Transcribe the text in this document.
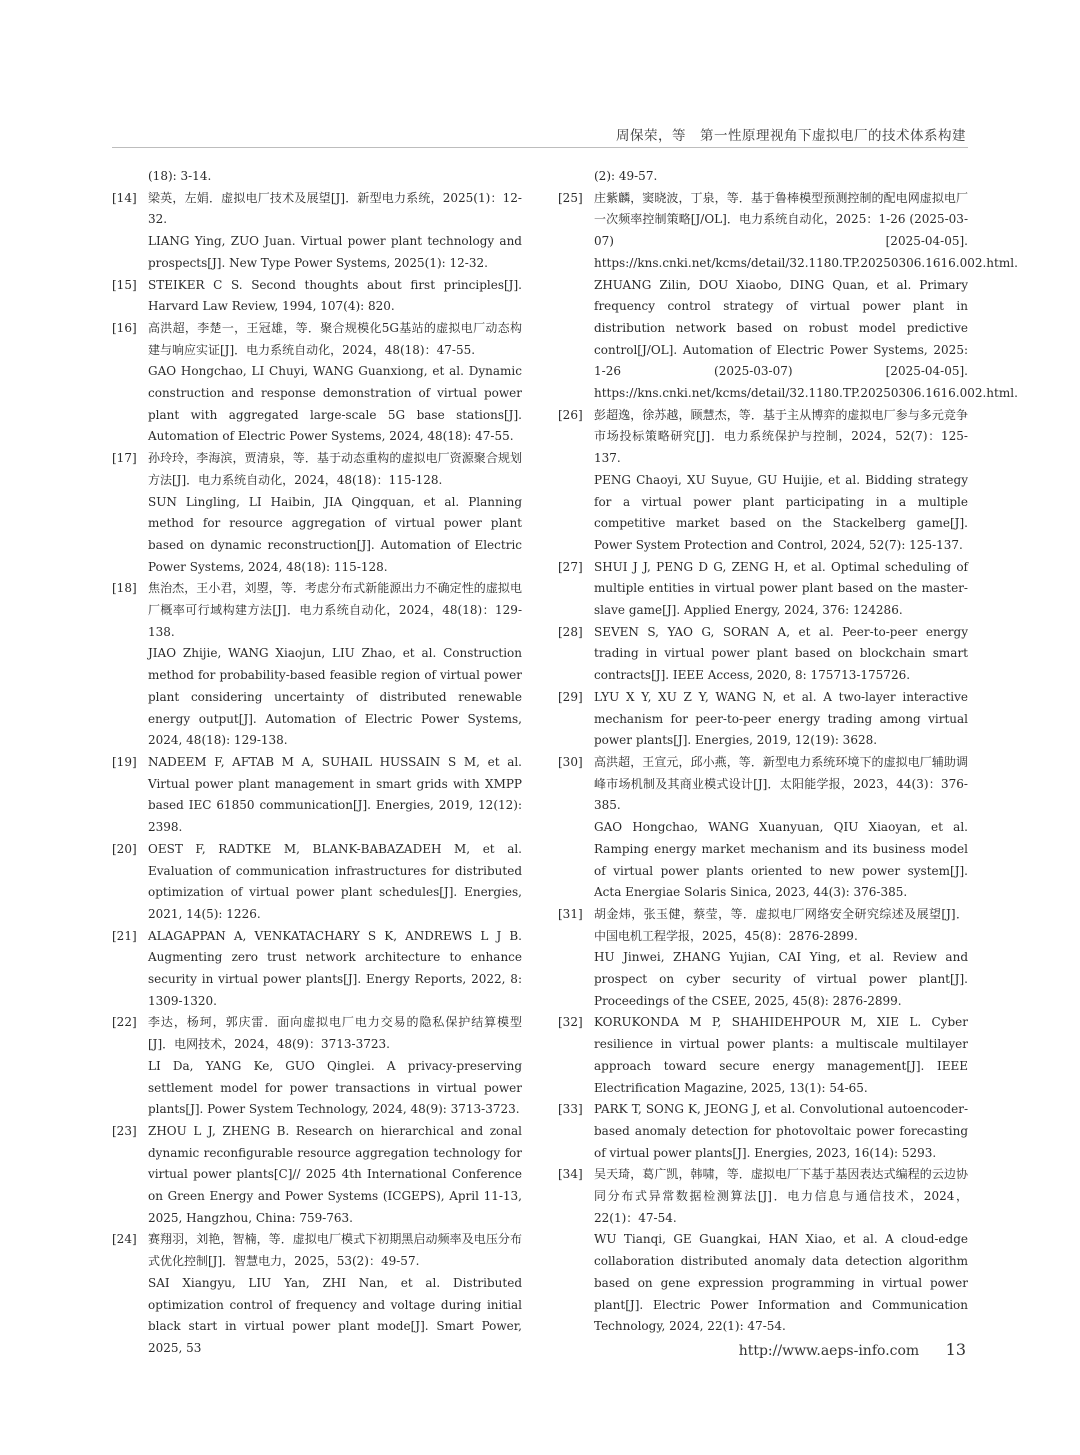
周保荣，等　第一性原理视角下虚拟电厂的技术体系构建

(18): 3-14.

[14] 梁英，左娟．虚拟电厂技术及展望[J]．新型电力系统，2025(1)：12-32.

LIANG Ying, ZUO Juan. Virtual power plant technology and prospects[J]. New Type Power Systems, 2025(1): 12-32.

[15] STEIKER C S. Second thoughts about first principles[J]. Harvard Law Review, 1994, 107(4): 820.

[16] 高洪超，李楚一，王冠雄，等．聚合规模化5G基站的虚拟电厂动态构建与响应实证[J]．电力系统自动化，2024，48(18)：47-55.

GAO Hongchao, LI Chuyi, WANG Guanxiong, et al. Dynamic construction and response demonstration of virtual power plant with aggregated large-scale 5G base stations[J]. Automation of Electric Power Systems, 2024, 48(18): 47-55.

[17] 孙玲玲，李海滨，贾清泉，等．基于动态重构的虚拟电厂资源聚合规划方法[J]．电力系统自动化，2024，48(18)：115-128.

SUN Lingling, LI Haibin, JIA Qingquan, et al. Planning method for resource aggregation of virtual power plant based on dynamic reconstruction[J]. Automation of Electric Power Systems, 2024, 48(18): 115-128.

[18] 焦治杰，王小君，刘曌，等．考虑分布式新能源出力不确定性的虚拟电厂概率可行域构建方法[J]．电力系统自动化，2024，48(18)：129-138.

JIAO Zhijie, WANG Xiaojun, LIU Zhao, et al. Construction method for probability-based feasible region of virtual power plant considering uncertainty of distributed renewable energy output[J]. Automation of Electric Power Systems, 2024, 48(18): 129-138.

[19] NADEEM F, AFTAB M A, SUHAIL HUSSAIN S M, et al. Virtual power plant management in smart grids with XMPP based IEC 61850 communication[J]. Energies, 2019, 12(12): 2398.

[20] OEST F, RADTKE M, BLANK-BABAZADEH M, et al. Evaluation of communication infrastructures for distributed optimization of virtual power plant schedules[J]. Energies, 2021, 14(5): 1226.

[21] ALAGAPPAN A, VENKATACHARY S K, ANDREWS L J B. Augmenting zero trust network architecture to enhance security in virtual power plants[J]. Energy Reports, 2022, 8: 1309-1320.

[22] 李达，杨珂，郭庆雷．面向虚拟电厂电力交易的隐私保护结算模型[J]．电网技术，2024，48(9)：3713-3723.

LI Da, YANG Ke, GUO Qinglei. A privacy-preserving settlement model for power transactions in virtual power plants[J]. Power System Technology, 2024, 48(9): 3713-3723.

[23] ZHOU L J, ZHENG B. Research on hierarchical and zonal dynamic reconfigurable resource aggregation technology for virtual power plants[C]// 2025 4th International Conference on Green Energy and Power Systems (ICGEPS), April 11-13, 2025, Hangzhou, China: 759-763.

[24] 赛翔羽，刘艳，智楠，等．虚拟电厂模式下初期黑启动频率及电压分布式优化控制[J]．智慧电力，2025，53(2)：49-57.

SAI Xiangyu, LIU Yan, ZHI Nan, et al. Distributed optimization control of frequency and voltage during initial black start in virtual power plant mode[J]. Smart Power, 2025, 53

(2): 49-57.

[25] 庄紫麟，窦晓波，丁泉，等．基于鲁棒模型预测控制的配电网虚拟电厂一次频率控制策略[J/OL]．电力系统自动化，2025：1-26 (2025-03-07) [2025-04-05]. https://kns.cnki.net/kcms/detail/32.1180.TP.20250306.1616.002.html.

ZHUANG Zilin, DOU Xiaobo, DING Quan, et al. Primary frequency control strategy of virtual power plant in distribution network based on robust model predictive control[J/OL]. Automation of Electric Power Systems, 2025: 1-26 (2025-03-07) [2025-04-05]. https://kns.cnki.net/kcms/detail/32.1180.TP.20250306.1616.002.html.

[26] 彭超逸，徐苏越，顾慧杰，等．基于主从博弈的虚拟电厂参与多元竞争市场投标策略研究[J]．电力系统保护与控制，2024，52(7)：125-137.

PENG Chaoyi, XU Suyue, GU Huijie, et al. Bidding strategy for a virtual power plant participating in a multiple competitive market based on the Stackelberg game[J]. Power System Protection and Control, 2024, 52(7): 125-137.

[27] SHUI J J, PENG D G, ZENG H, et al. Optimal scheduling of multiple entities in virtual power plant based on the master-slave game[J]. Applied Energy, 2024, 376: 124286.

[28] SEVEN S, YAO G, SORAN A, et al. Peer-to-peer energy trading in virtual power plant based on blockchain smart contracts[J]. IEEE Access, 2020, 8: 175713-175726.

[29] LYU X Y, XU Z Y, WANG N, et al. A two-layer interactive mechanism for peer-to-peer energy trading among virtual power plants[J]. Energies, 2019, 12(19): 3628.

[30] 高洪超，王宣元，邱小燕，等．新型电力系统环境下的虚拟电厂辅助调峰市场机制及其商业模式设计[J]．太阳能学报，2023，44(3)：376-385.

GAO Hongchao, WANG Xuanyuan, QIU Xiaoyan, et al. Ramping energy market mechanism and its business model of virtual power plants oriented to new power system[J]. Acta Energiae Solaris Sinica, 2023, 44(3): 376-385.

[31] 胡金炜，张玉健，蔡莹，等．虚拟电厂网络安全研究综述及展望[J]．中国电机工程学报，2025，45(8)：2876-2899.

HU Jinwei, ZHANG Yujian, CAI Ying, et al. Review and prospect on cyber security of virtual power plant[J]. Proceedings of the CSEE, 2025, 45(8): 2876-2899.

[32] KORUKONDA M P, SHAHIDEHPOUR M, XIE L. Cyber resilience in virtual power plants: a multiscale multilayer approach toward secure energy management[J]. IEEE Electrification Magazine, 2025, 13(1): 54-65.

[33] PARK T, SONG K, JEONG J, et al. Convolutional autoencoder-based anomaly detection for photovoltaic power forecasting of virtual power plants[J]. Energies, 2023, 16(14): 5293.

[34] 吴天琦，葛广凯，韩啸，等．虚拟电厂下基于基因表达式编程的云边协同分布式异常数据检测算法[J]．电力信息与通信技术，2024，22(1)：47-54.

WU Tianqi, GE Guangkai, HAN Xiao, et al. A cloud-edge collaboration distributed anomaly data detection algorithm based on gene expression programming in virtual power plant[J]. Electric Power Information and Communication Technology, 2024, 22(1): 47-54.

http://www.aeps-info.com 13
